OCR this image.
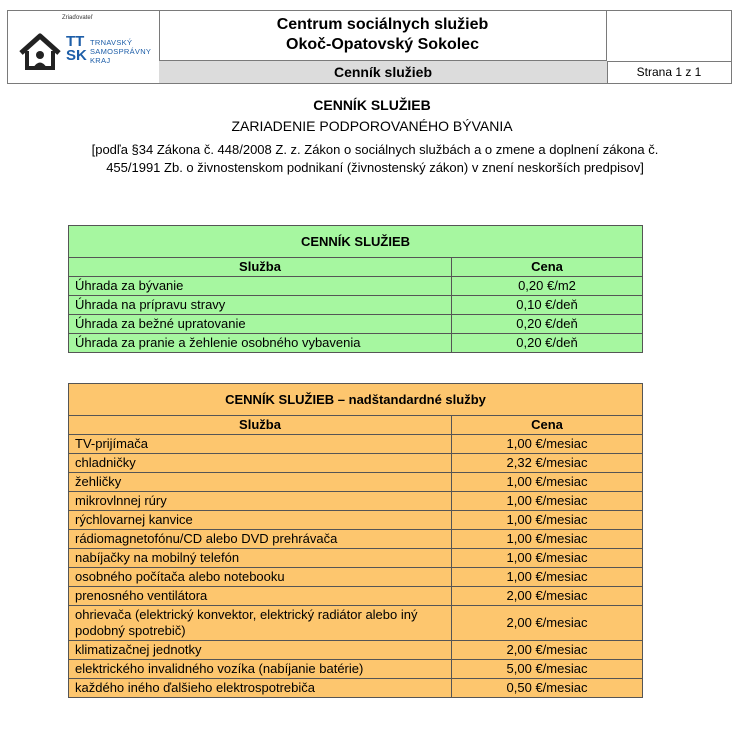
Zriaďovateľ
TT
SK
TRNAVSKÝ
SAMOSPRÁVNY
KRAJ
Centrum sociálnych služieb
Okoč-Opatovský Sokolec
Cenník služieb	Strana 1 z 1
CENNÍK SLUŽIEB
ZARIADENIE PODPOROVANÉHO BÝVANIA
[podľa §34 Zákona č. 448/2008 Z. z. Zákon o sociálnych službách a o zmene a doplnení zákona č.
455/1991 Zb. o živnostenskom podnikaní (živnostenský zákon) v znení neskorších predpisov]
CENNÍK SLUŽIEB	
Služba	Cena
Úhrada za bývanie	0,20 €/m2
Úhrada na prípravu stravy	0,10 €/deň
Úhrada za bežné upratovanie	0,20 €/deň
Úhrada za pranie a žehlenie osobného vybavenia	0,20 €/deň
CENNÍK SLUŽIEB – nadštandardné služby	
Služba	Cena
TV-prijímača	1,00 €/mesiac
chladničky	2,32 €/mesiac
žehličky	1,00 €/mesiac
mikrovlnnej rúry	1,00 €/mesiac
rýchlovarnej kanvice	1,00 €/mesiac
rádiomagnetofónu/CD alebo DVD prehrávača	1,00 €/mesiac
nabíjačky na mobilný telefón	1,00 €/mesiac
osobného počítača alebo notebooku	1,00 €/mesiac
prenosného ventilátora	2,00 €/mesiac
ohrievača (elektrický konvektor, elektrický radiátor alebo iný podobný spotrebič)	2,00 €/mesiac
klimatizačnej jednotky	2,00 €/mesiac
elektrického invalidného vozíka (nabíjanie batérie)	5,00 €/mesiac
každého iného ďalšieho elektrospotrebiča	0,50 €/mesiac
